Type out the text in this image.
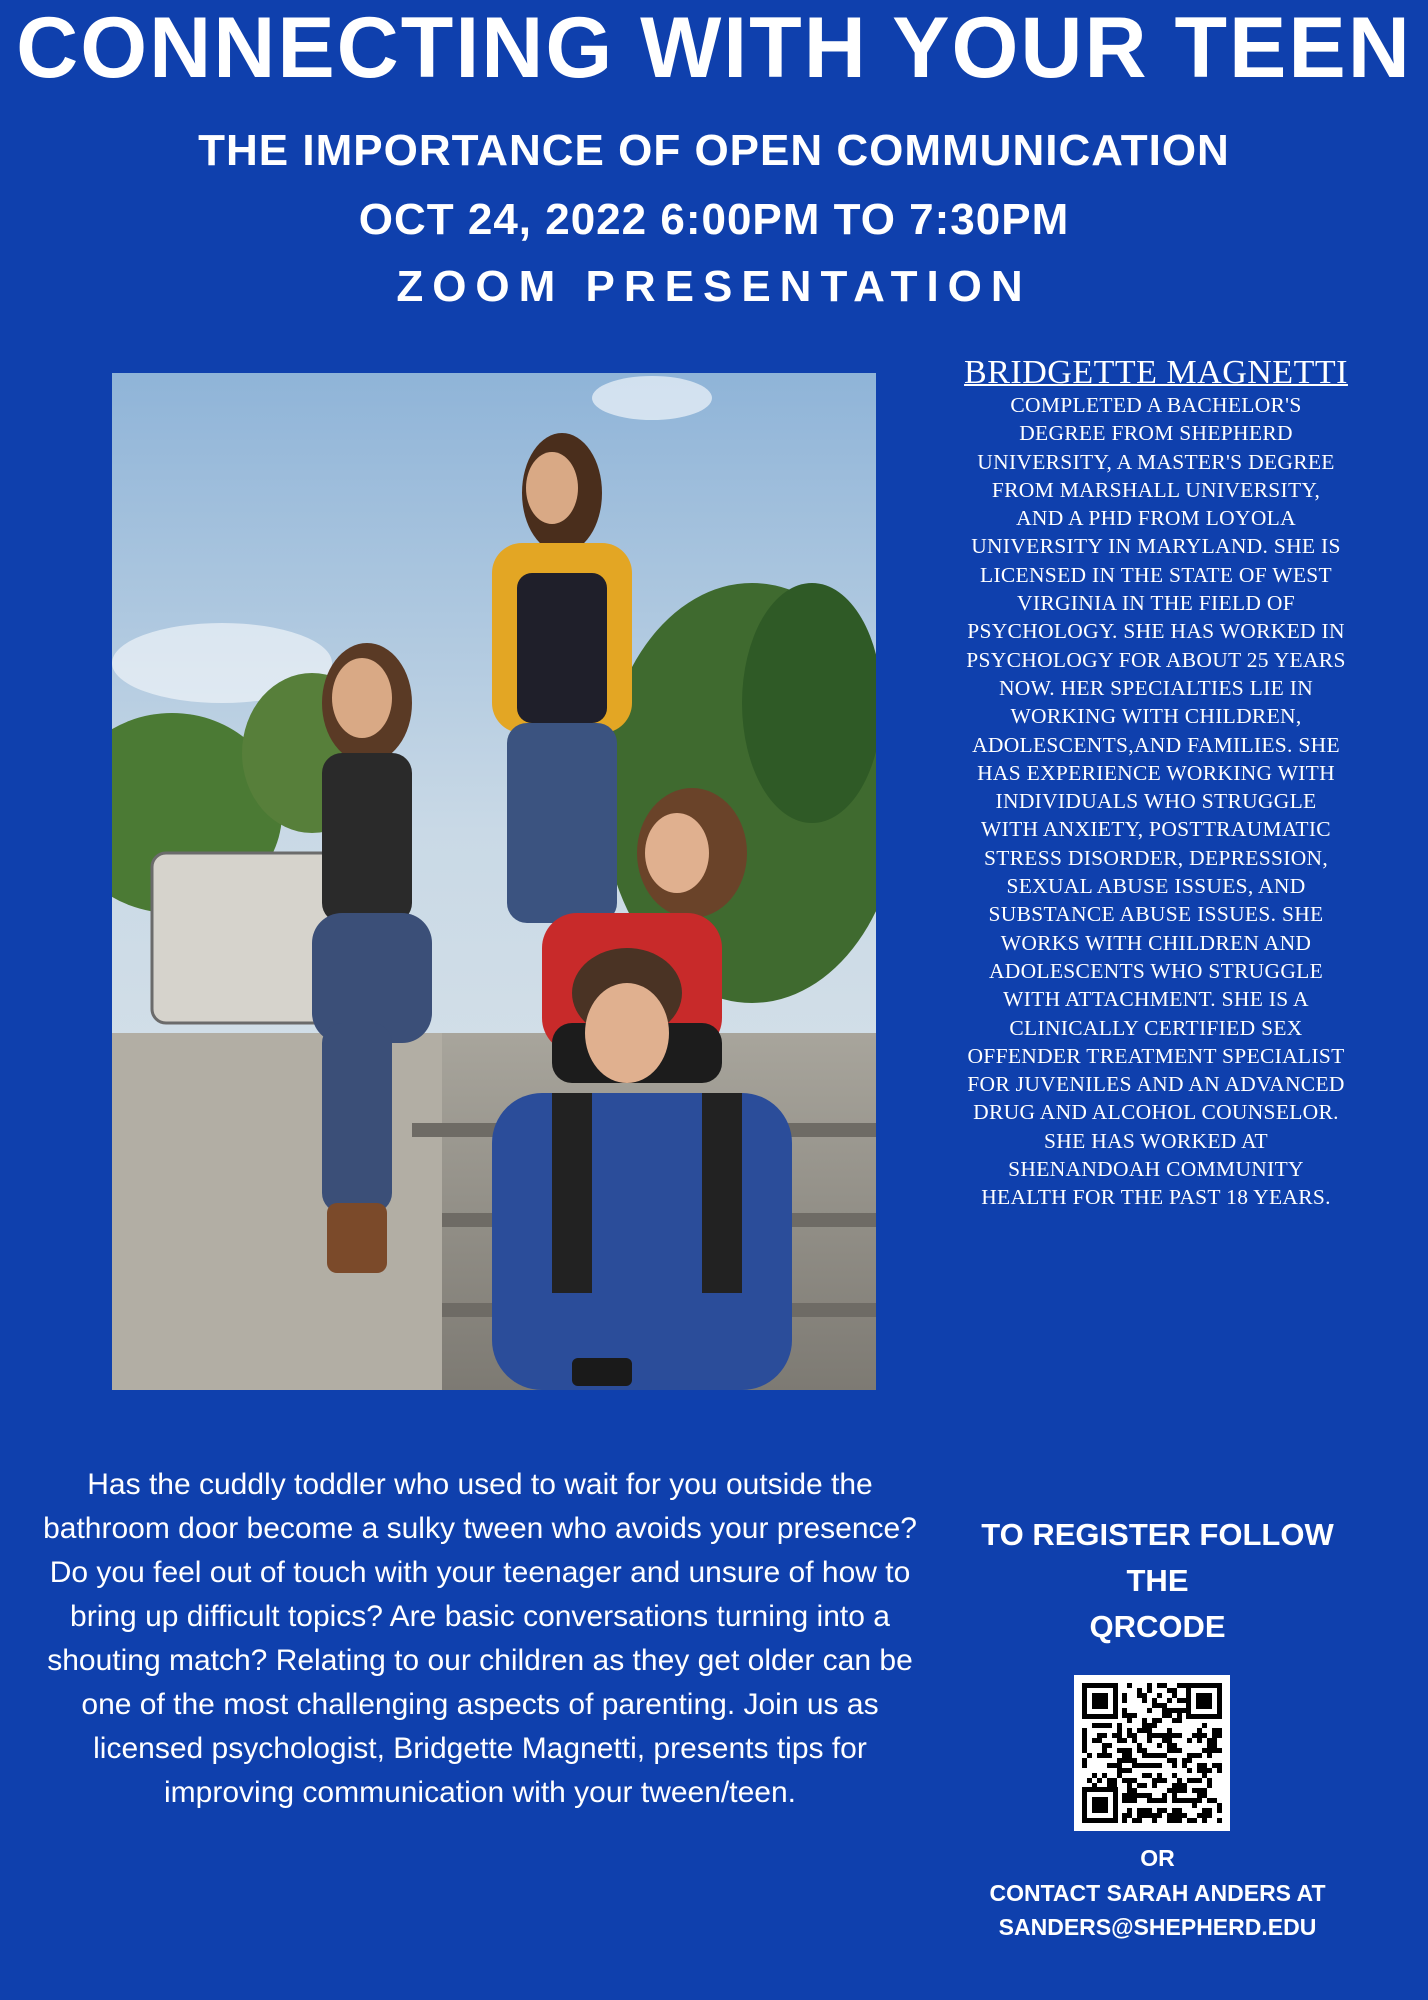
CONNECTING WITH YOUR TEEN
THE IMPORTANCE OF OPEN COMMUNICATION
OCT 24, 2022 6:00PM TO 7:30PM
ZOOM PRESENTATION

BRIDGETTE MAGNETTI

COMPLETED A BACHELOR'S DEGREE FROM SHEPHERD UNIVERSITY, A MASTER'S DEGREE FROM MARSHALL UNIVERSITY, AND A PHD FROM LOYOLA UNIVERSITY IN MARYLAND. SHE IS LICENSED IN THE STATE OF WEST VIRGINIA IN THE FIELD OF PSYCHOLOGY. SHE HAS WORKED IN PSYCHOLOGY FOR ABOUT 25 YEARS NOW. HER SPECIALTIES LIE IN WORKING WITH CHILDREN, ADOLESCENTS,AND FAMILIES. SHE HAS EXPERIENCE WORKING WITH INDIVIDUALS WHO STRUGGLE WITH ANXIETY, POSTTRAUMATIC STRESS DISORDER, DEPRESSION, SEXUAL ABUSE ISSUES, AND SUBSTANCE ABUSE ISSUES. SHE WORKS WITH CHILDREN AND ADOLESCENTS WHO STRUGGLE WITH ATTACHMENT. SHE IS A CLINICALLY CERTIFIED SEX OFFENDER TREATMENT SPECIALIST FOR JUVENILES AND AN ADVANCED DRUG AND ALCOHOL COUNSELOR. SHE HAS WORKED AT SHENANDOAH COMMUNITY HEALTH FOR THE PAST 18 YEARS.

Has the cuddly toddler who used to wait for you outside the bathroom door become a sulky tween who avoids your presence? Do you feel out of touch with your teenager and unsure of how to bring up difficult topics? Are basic conversations turning into a shouting match? Relating to our children as they get older can be one of the most challenging aspects of parenting. Join us as licensed psychologist, Bridgette Magnetti, presents tips for improving communication with your tween/teen.

TO REGISTER FOLLOW
THE
QRCODE

OR

CONTACT SARAH ANDERS AT
SANDERS@SHEPHERD.EDU
